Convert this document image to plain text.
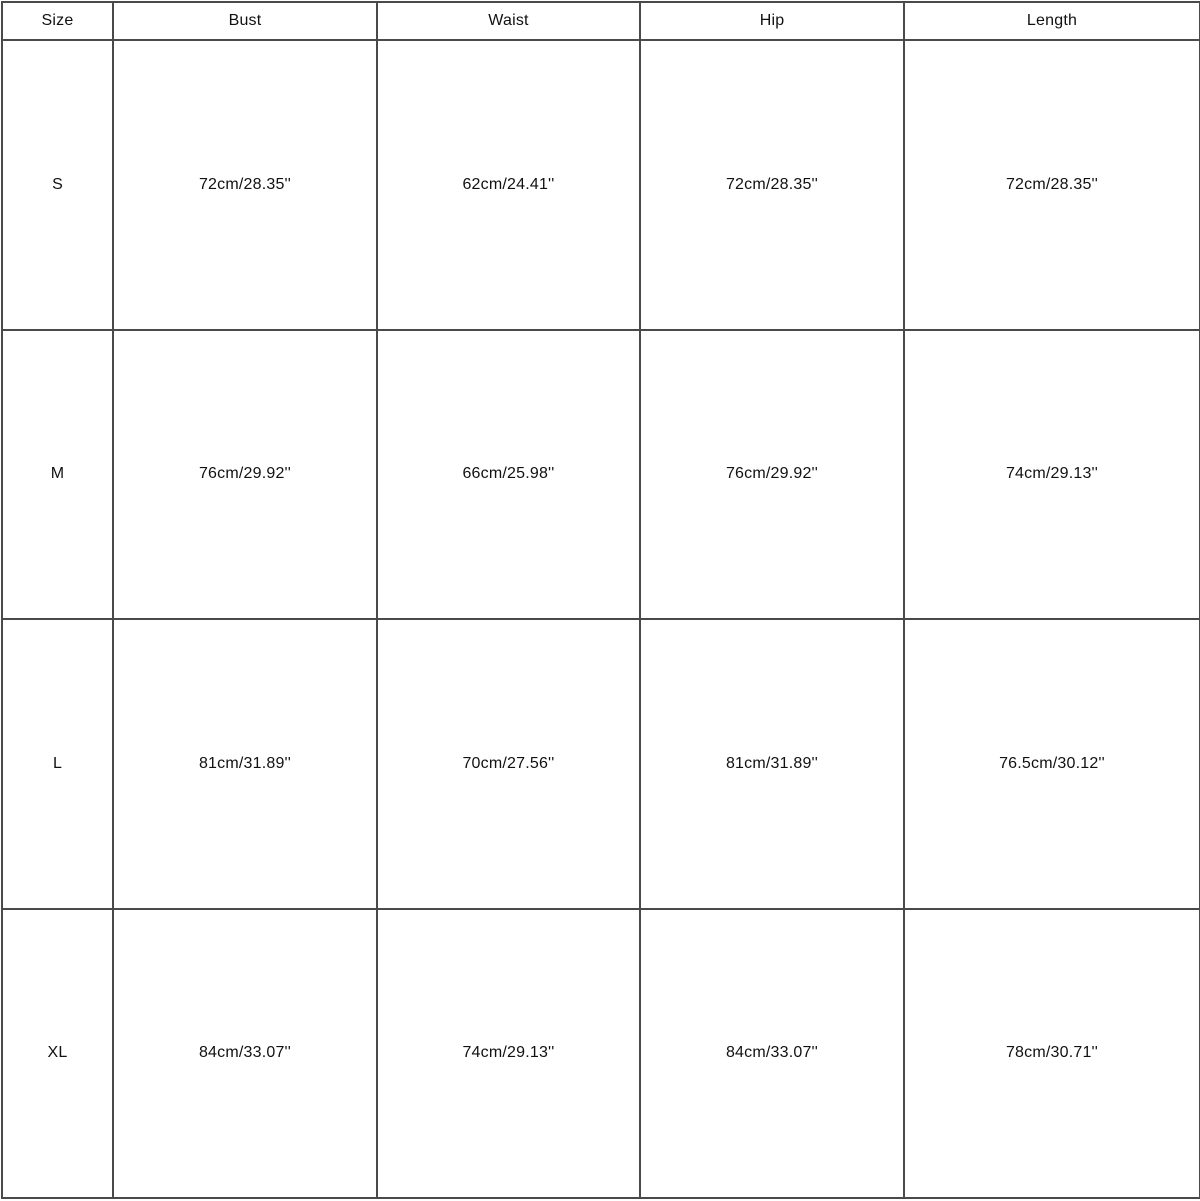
Size	Bust	Waist	Hip	Length
S	72cm/28.35''	62cm/24.41''	72cm/28.35''	72cm/28.35''
M	76cm/29.92''	66cm/25.98''	76cm/29.92''	74cm/29.13''
L	81cm/31.89''	70cm/27.56''	81cm/31.89''	76.5cm/30.12''
XL	84cm/33.07''	74cm/29.13''	84cm/33.07''	78cm/30.71''
